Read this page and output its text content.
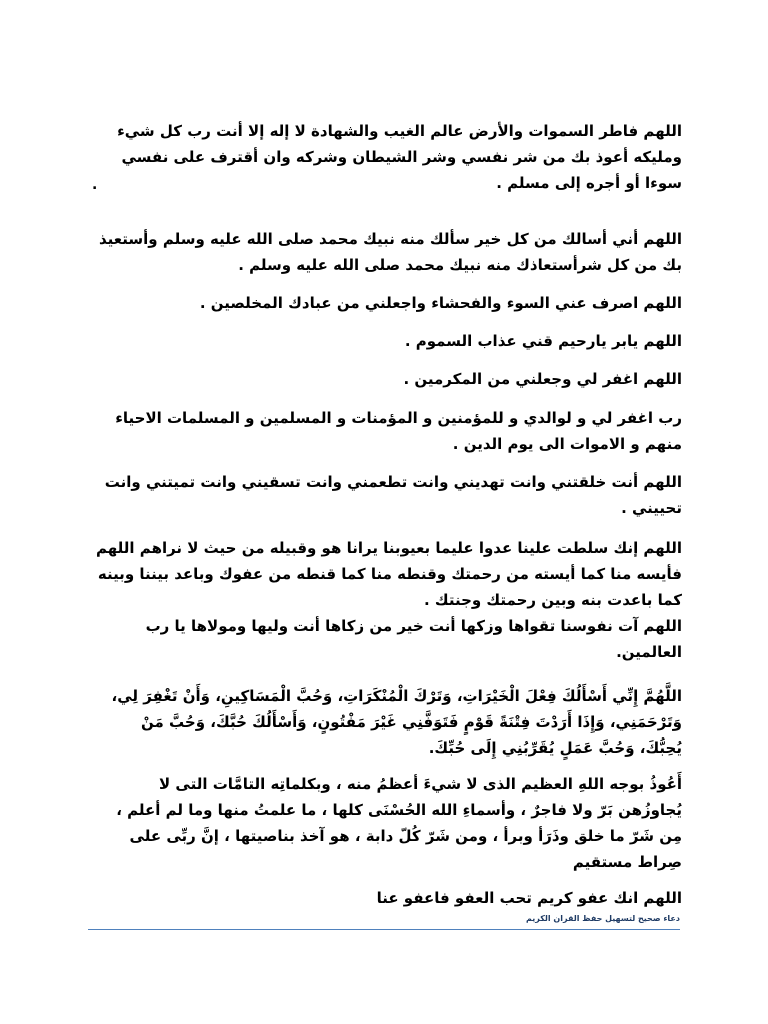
اللهم فاطر السموات والأرض عالم الغيب والشهادة لا إله إلا أنت رب كل شيء ومليكه أعوذ بك من شر نفسي وشر الشيطان وشركه وان أقترف على نفسي سوءا أو أجره إلى مسلم .

اللهم أني أسالك من كل خير سألك منه نبيك محمد صلى الله عليه وسلم وأستعيذ بك من كل شرأستعاذك منه نبيك محمد صلى الله عليه وسلم .

اللهم اصرف عني السوء والفحشاء واجعلني من عبادك المخلصين .

اللهم يابر يارحيم قني عذاب السموم .

اللهم اغفر لي وجعلني من المكرمين .

رب اغفر لي و لوالدي و للمؤمنين و المؤمنات و المسلمين و المسلمات الاحياء منهم و الاموات الى يوم الدين .

اللهم أنت خلقتني وانت تهديني وانت تطعمني وانت تسقيني وانت تميتني وانت تحييني .

اللهم إنك سلطت علينا عدوا عليما بعيوبنا يرانا هو وقبيله من حيث لا نراهم اللهم فأيسه منا كما أيسته من رحمتك وقنطه منا كما قنطه من عفوك وباعد بيننا وبينه كما باعدت بنه وبين رحمتك وجنتك .

اللهم آت نفوسنا تقواها وزكها أنت خير من زكاها أنت وليها ومولاها يا رب العالمين.

اللَّهُمَّ إِنِّي أَسْأَلُكَ فِعْلَ الْخَيْرَاتِ، وَتَرْكَ الْمُنْكَرَاتِ، وَحُبَّ الْمَسَاكِينِ، وَأَنْ تَغْفِرَ لِي، وَتَرْحَمَنِي، وَإِذَا أَرَدْتَ فِتْنَةً قَوْمٍ فَتَوَفَّنِي غَيْرَ مَفْتُونٍ، وَأَسْأَلُكَ حُبَّكَ، وَحُبَّ مَنْ يُحِبُّكَ، وَحُبَّ عَمَلٍ يُقَرِّبُنِي إِلَى حُبِّكَ.

أَعُوذُ بوجه اللهِ العظيم الذى لا شيءَ أعظمُ منه ، وبكلماتِه التامَّات التى لا يُجاوزُهن بَرّ ولا فاجرٌ ، وأسماءِ الله الحُسْنَى كلها ، ما علمتُ منها وما لم أعلم ، مِن شَرّ ما خلق وذَرَأ وبرأ ، ومن شَرّ كُلّ دابة ، هو آخذ بناصيتها ، إنَّ ربِّى على صِراط مستقيم

اللهم انك عفو كريم تحب العفو فاعفو عنا

.
دعاء صحيح لتسهيل حفظ القران الكريم
